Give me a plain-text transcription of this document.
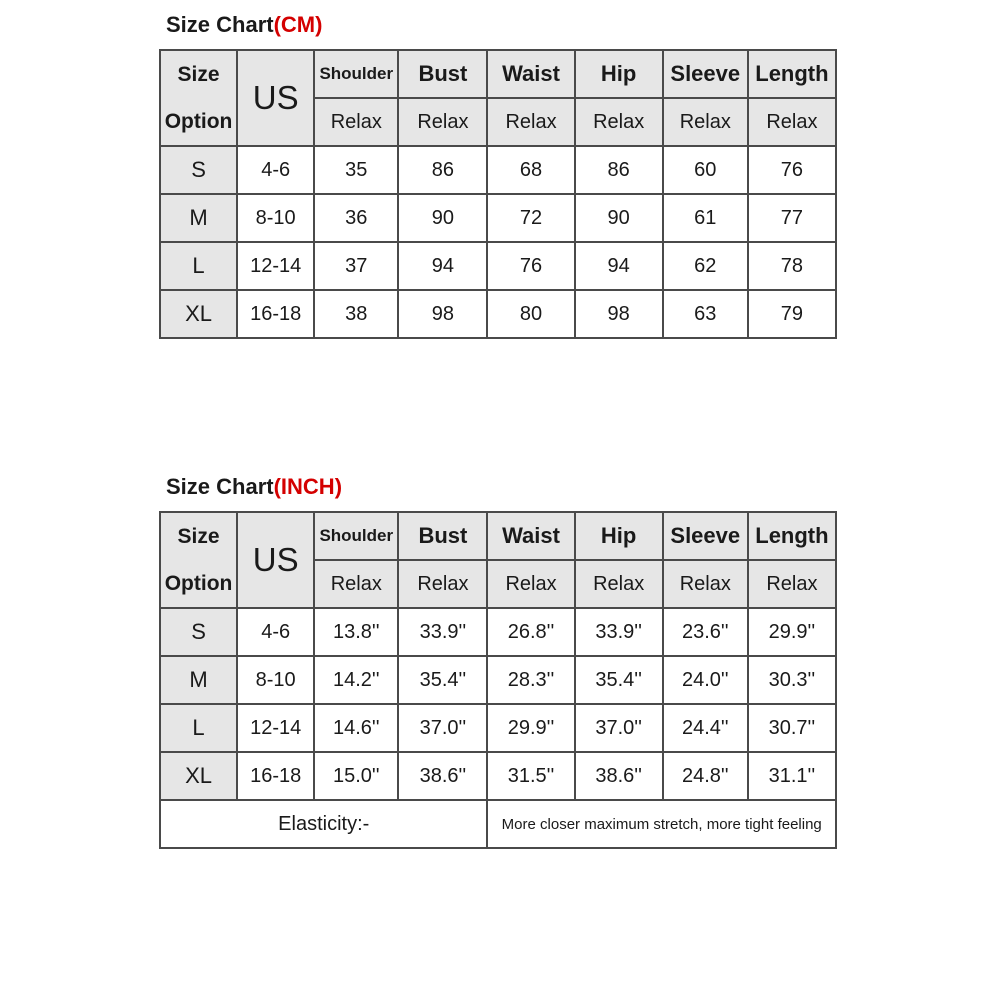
Size Chart(CM)
Size
Option	US	Shoulder	Bust	Waist	Hip	Sleeve	Length
		Relax	Relax	Relax	Relax	Relax	Relax
S	4-6	35	86	68	86	60	76
M	8-10	36	90	72	90	61	77
L	12-14	37	94	76	94	62	78
XL	16-18	38	98	80	98	63	79
Size Chart(INCH)
Size
Option	US	Shoulder	Bust	Waist	Hip	Sleeve	Length
		Relax	Relax	Relax	Relax	Relax	Relax
S	4-6	13.8''	33.9''	26.8''	33.9''	23.6''	29.9''
M	8-10	14.2''	35.4''	28.3''	35.4''	24.0''	30.3''
L	12-14	14.6''	37.0''	29.9''	37.0''	24.4''	30.7''
XL	16-18	15.0''	38.6''	31.5''	38.6''	24.8''	31.1''
Elasticity:-				More closer maximum stretch, more tight feeling			
